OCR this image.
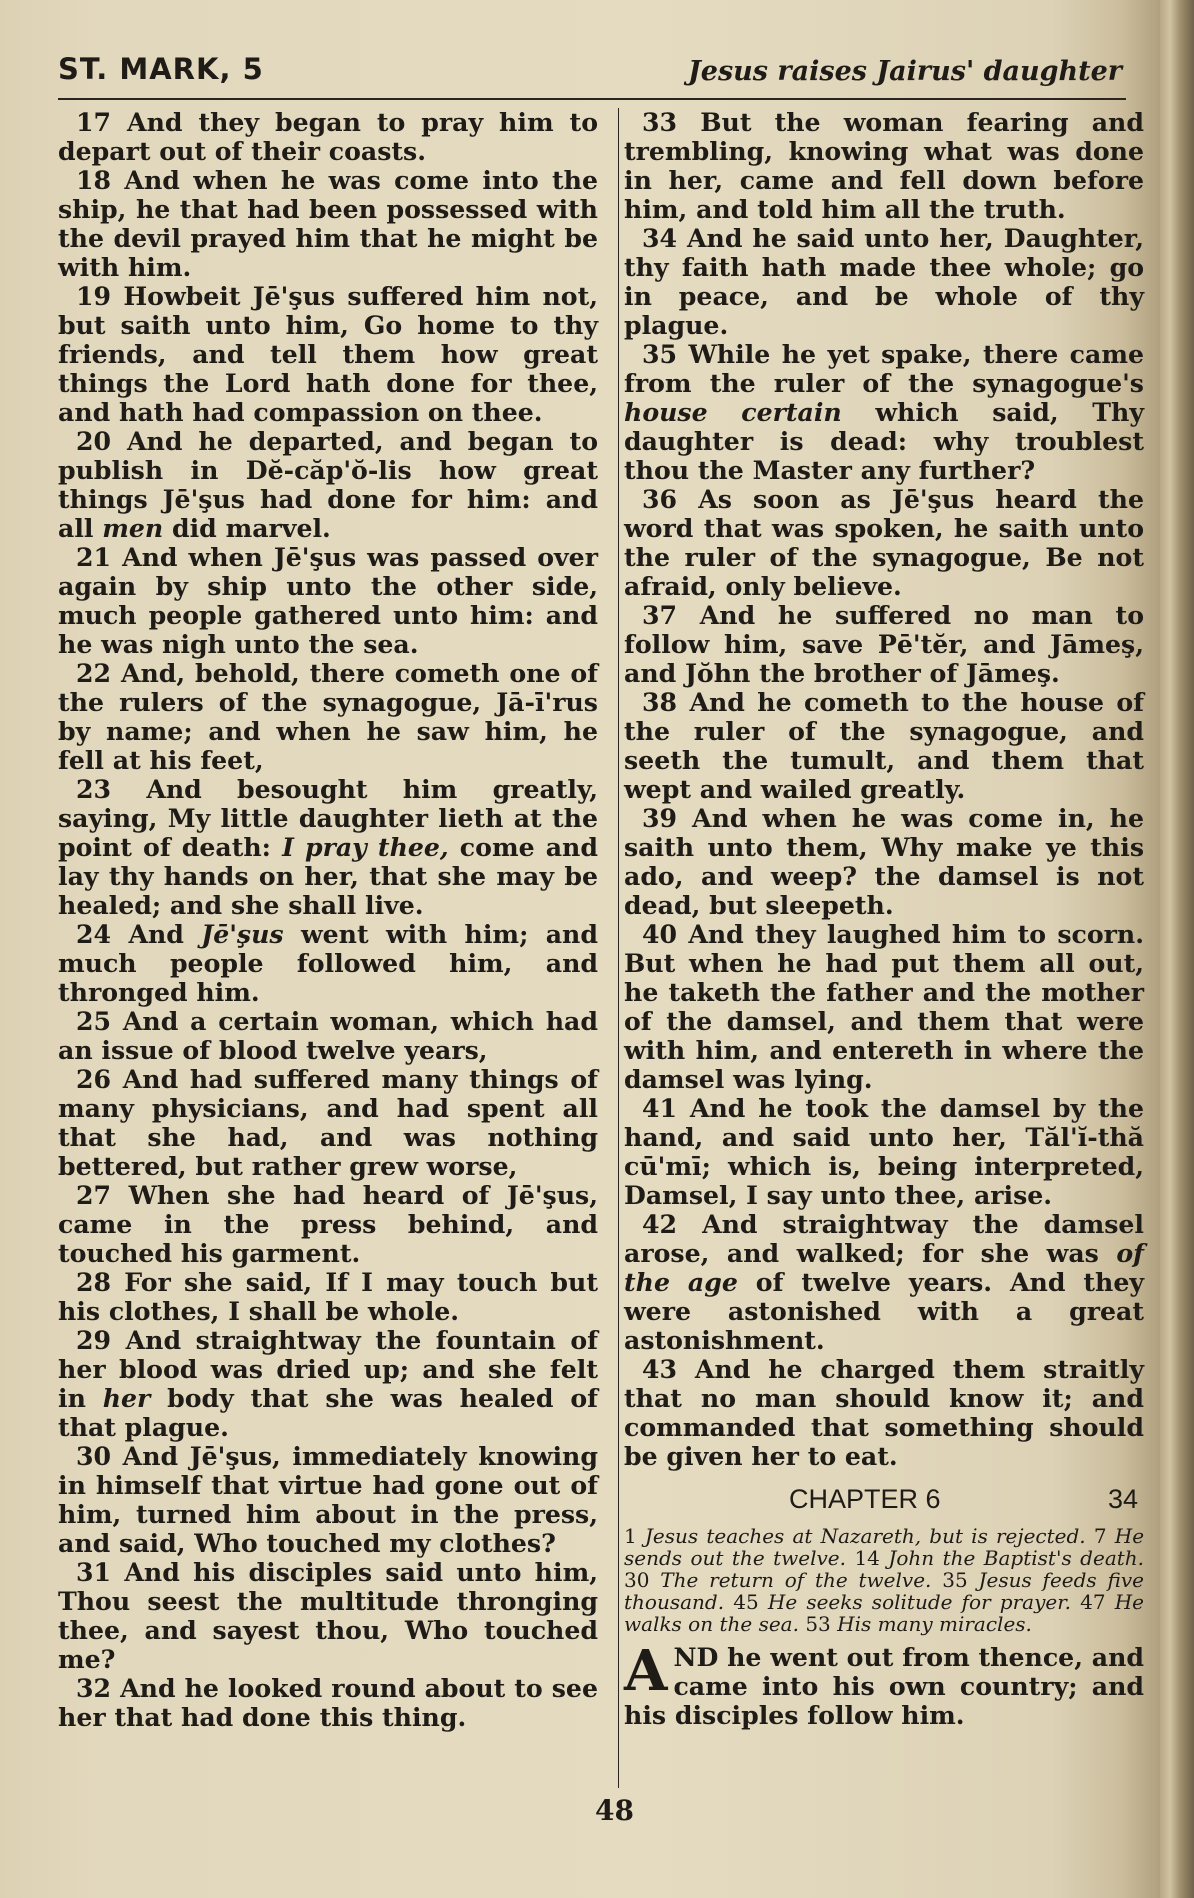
ST. MARK, 5	Jesus raises Jairus' daughter

17 And they began to pray him to depart out of their coasts.

18 And when he was come into the ship, he that had been possessed with the devil prayed him that he might be with him.

19 Howbeit Jē'şus suffered him not, but saith unto him, Go home to thy friends, and tell them how great things the Lord hath done for thee, and hath had compassion on thee.

20 And he departed, and began to publish in Dĕ-căp'ŏ-lis how great things Jē'şus had done for him: and all men did marvel.

21 And when Jē'şus was passed over again by ship unto the other side, much people gathered unto him: and he was nigh unto the sea.

22 And, behold, there cometh one of the rulers of the synagogue, Jā-ī'rus by name; and when he saw him, he fell at his feet,

23 And besought him greatly, saying, My little daughter lieth at the point of death: I pray thee, come and lay thy hands on her, that she may be healed; and she shall live.

24 And Jē'şus went with him; and much people followed him, and thronged him.

25 And a certain woman, which had an issue of blood twelve years,

26 And had suffered many things of many physicians, and had spent all that she had, and was nothing bettered, but rather grew worse,

27 When she had heard of Jē'şus, came in the press behind, and touched his garment.

28 For she said, If I may touch but his clothes, I shall be whole.

29 And straightway the fountain of her blood was dried up; and she felt in her body that she was healed of that plague.

30 And Jē'şus, immediately knowing in himself that virtue had gone out of him, turned him about in the press, and said, Who touched my clothes?

31 And his disciples said unto him, Thou seest the multitude thronging thee, and sayest thou, Who touched me?

32 And he looked round about to see her that had done this thing.

33 But the woman fearing and trembling, knowing what was done in her, came and fell down before him, and told him all the truth.

34 And he said unto her, Daughter, thy faith hath made thee whole; go in peace, and be whole of thy plague.

35 While he yet spake, there came from the ruler of the synagogue's house certain which said, Thy daughter is dead: why troublest thou the Master any further?

36 As soon as Jē'şus heard the word that was spoken, he saith unto the ruler of the synagogue, Be not afraid, only believe.

37 And he suffered no man to follow him, save Pē'tĕr, and Jāmeş, and Jŏhn the brother of Jāmeş.

38 And he cometh to the house of the ruler of the synagogue, and seeth the tumult, and them that wept and wailed greatly.

39 And when he was come in, he saith unto them, Why make ye this ado, and weep? the damsel is not dead, but sleepeth.

40 And they laughed him to scorn. But when he had put them all out, he taketh the father and the mother of the damsel, and them that were with him, and entereth in where the damsel was lying.

41 And he took the damsel by the hand, and said unto her, Tăl'ĭ-thă cū'mī; which is, being interpreted, Damsel, I say unto thee, arise.

42 And straightway the damsel arose, and walked; for she was of the age of twelve years. And they were astonished with a great astonishment.

43 And he charged them straitly that no man should know it; and commanded that something should be given her to eat.

CHAPTER 6	34
1 Jesus teaches at Nazareth, but is rejected. 7 He sends out the twelve. 14 John the Baptist's death. 30 The return of the twelve. 35 Jesus feeds five thousand. 45 He seeks solitude for prayer. 47 He walks on the sea. 53 His many miracles.

AND he went out from thence, and came into his own country; and his disciples follow him.

48
